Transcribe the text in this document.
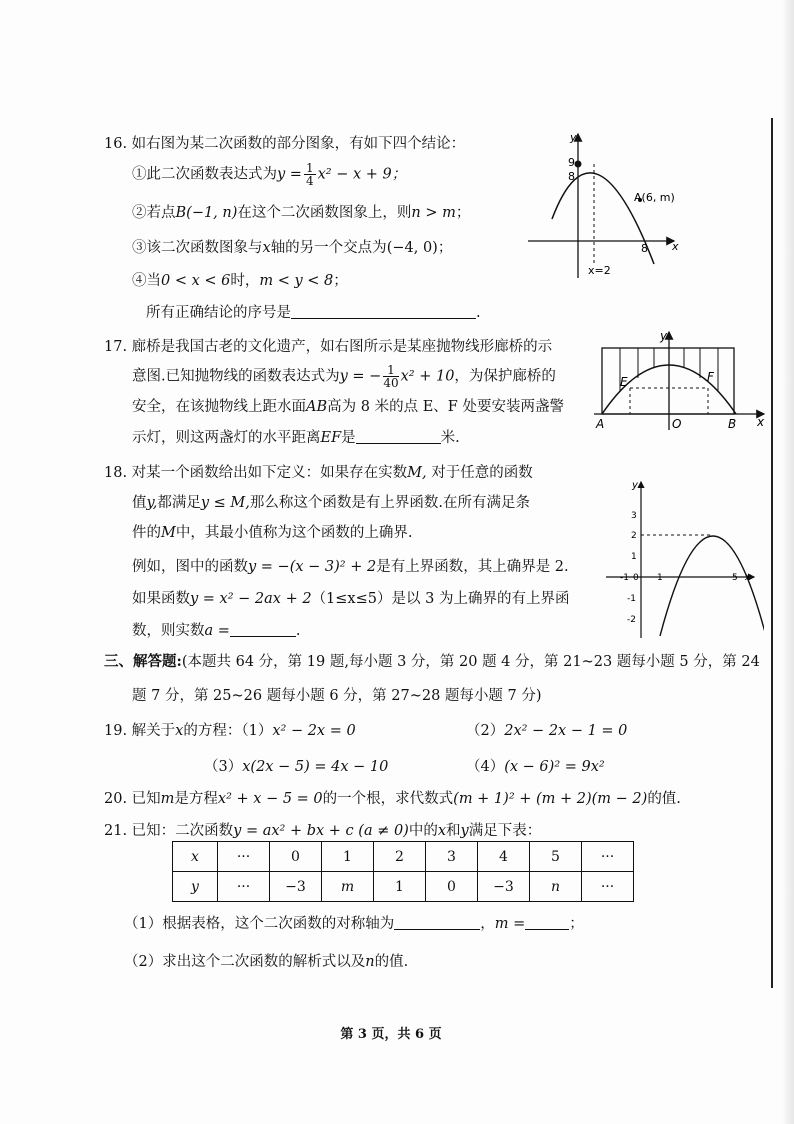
16. 如右图为某二次函数的部分图象，有如下四个结论：
①此二次函数表达式为$y = \frac{1}{4} x^2 - x + 9$；
②若点B(−1, n)在这个二次函数图象上，则n > m；
③该二次函数图象与x轴的另一个交点为(−4, 0)；
④当0 < x < 6时，m < y < 8；
所有正确结论的序号是	.
y
x
9
8
A(6, m)
8
x=2
17. 廊桥是我国古老的文化遗产，如右图所示是某座抛物线形廊桥的示
意图.已知抛物线的函数表达式为y = − $\frac{1}{40} x^2 + 10$，为保护廊桥的
安全，在该抛物线上距水面AB高为 8 米的点 E、F 处要安装两盏警
示灯，则这两盏灯的水平距离EF是	米.
y
x
E	F
A	O	B
18. 对某一个函数给出如下定义：如果存在实数M, 对于任意的函数
值y,都满足y ≤ M,那么称这个函数是有上界函数.在所有满足条
件的M中，其最小值称为这个函数的上确界.
例如，图中的函数y = −(x − 3)² + 2是有上界函数，其上确界是 2.
如果函数y = x² − 2ax + 2（1≤x≤5）是以 3 为上确界的有上界函
数，则实数a =	.
y
x
3
2
1
-1
-2
-1 0 1	5
三、解答题:(本题共 64 分，第 19 题,每小题 3 分，第 20 题 4 分，第 21~23 题每小题 5 分，第 24
题 7 分，第 25~26 题每小题 6 分，第 27~28 题每小题 7 分)
19. 解关于x的方程：（1）x² − 2x = 0	（2）2x² − 2x − 1 = 0
（3）x(2x − 5) = 4x − 10	（4）(x − 6)² = 9x²
20. 已知m是方程x² + x − 5 = 0的一个根，求代数式(m + 1)² + (m + 2)(m − 2)的值.
21. 已知：二次函数y = ax² + bx + c (a ≠ 0)中的x和y满足下表：
x	···	0	1	2	3	4	5	···
y	···	−3	m	1	0	−3	n	···
（1）根据表格，这个二次函数的对称轴为	，m =	；
（2）求出这个二次函数的解析式以及n的值.
第 3 页，共 6 页
